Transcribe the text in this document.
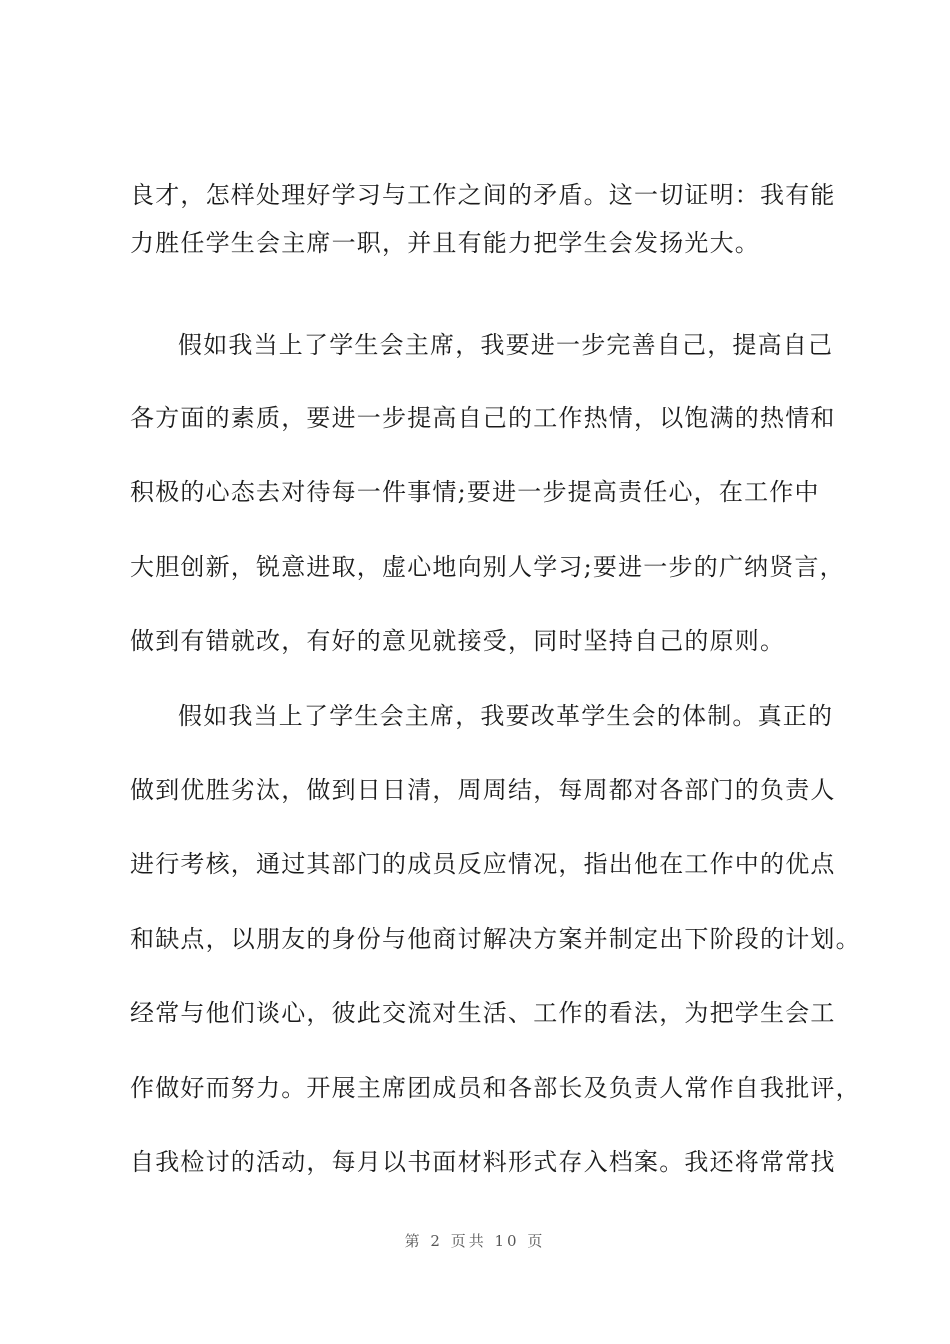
良才，怎样处理好学习与工作之间的矛盾。这一切证明：我有能
力胜任学生会主席一职，并且有能力把学生会发扬光大。
假如我当上了学生会主席，我要进一步完善自己，提高自己
各方面的素质，要进一步提高自己的工作热情，以饱满的热情和
积极的心态去对待每一件事情;要进一步提高责任心，在工作中
大胆创新，锐意进取，虚心地向别人学习;要进一步的广纳贤言，
做到有错就改，有好的意见就接受，同时坚持自己的原则。
假如我当上了学生会主席，我要改革学生会的体制。真正的
做到优胜劣汰，做到日日清，周周结，每周都对各部门的负责人
进行考核，通过其部门的成员反应情况，指出他在工作中的优点
和缺点，以朋友的身份与他商讨解决方案并制定出下阶段的计划。
经常与他们谈心，彼此交流对生活、工作的看法，为把学生会工
作做好而努力。开展主席团成员和各部长及负责人常作自我批评，
自我检讨的活动，每月以书面材料形式存入档案。我还将常常找
第 2 页共 10 页
